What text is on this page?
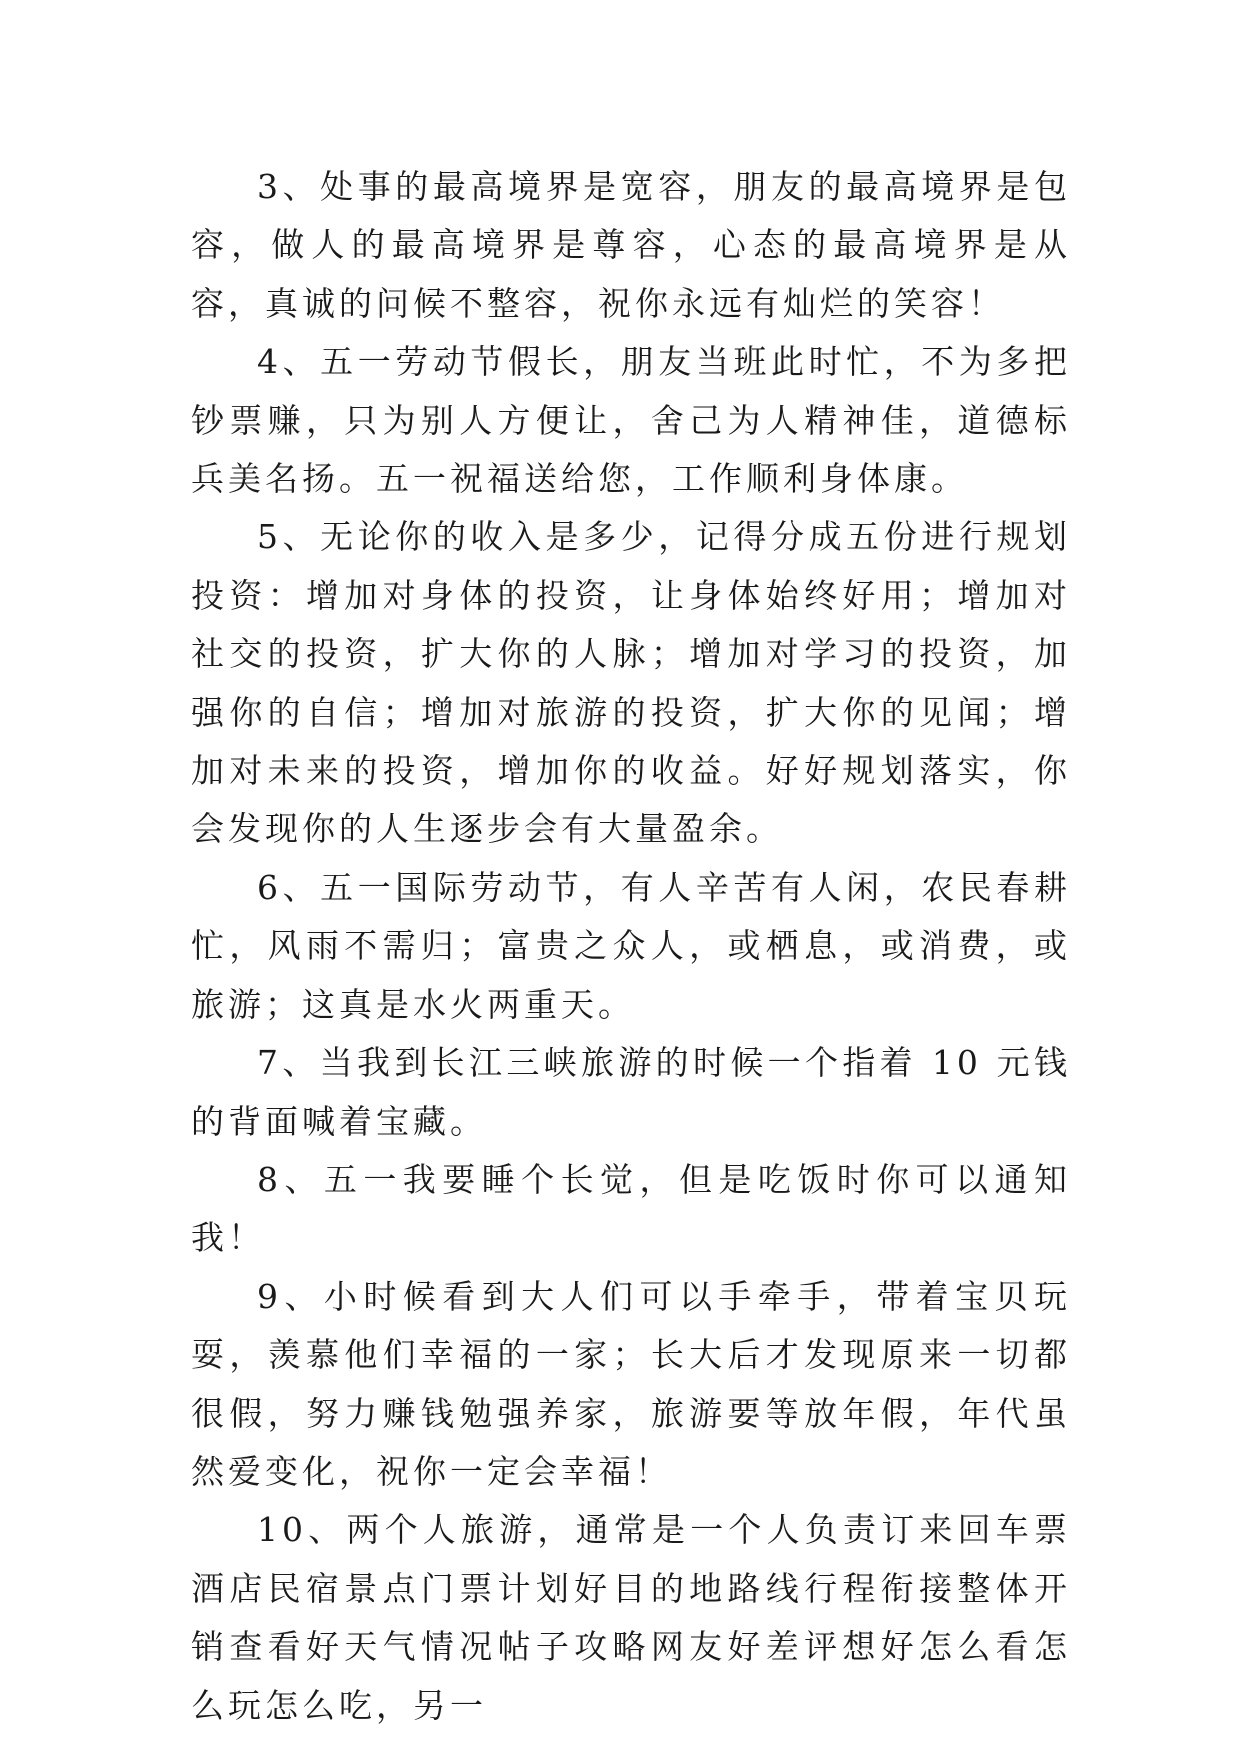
3、处事的最高境界是宽容，朋友的最高境界是包容，做人的最高境界是尊容，心态的最高境界是从容，真诚的问候不整容，祝你永远有灿烂的笑容！

4、五一劳动节假长，朋友当班此时忙，不为多把钞票赚，只为别人方便让，舍己为人精神佳，道德标兵美名扬。五一祝福送给您，工作顺利身体康。

5、无论你的收入是多少，记得分成五份进行规划投资：增加对身体的投资，让身体始终好用；增加对社交的投资，扩大你的人脉；增加对学习的投资，加强你的自信；增加对旅游的投资，扩大你的见闻；增加对未来的投资，增加你的收益。好好规划落实，你会发现你的人生逐步会有大量盈余。

6、五一国际劳动节，有人辛苦有人闲，农民春耕忙，风雨不需归；富贵之众人，或栖息，或消费，或旅游；这真是水火两重天。

7、当我到长江三峡旅游的时候一个指着 10 元钱的背面喊着宝藏。

8、五一我要睡个长觉，但是吃饭时你可以通知我！

9、小时候看到大人们可以手牵手，带着宝贝玩耍，羡慕他们幸福的一家；长大后才发现原来一切都很假，努力赚钱勉强养家，旅游要等放年假，年代虽然爱变化，祝你一定会幸福！

10、两个人旅游，通常是一个人负责订来回车票酒店民宿景点门票计划好目的地路线行程衔接整体开销查看好天气情况帖子攻略网友好差评想好怎么看怎么玩怎么吃，另一
